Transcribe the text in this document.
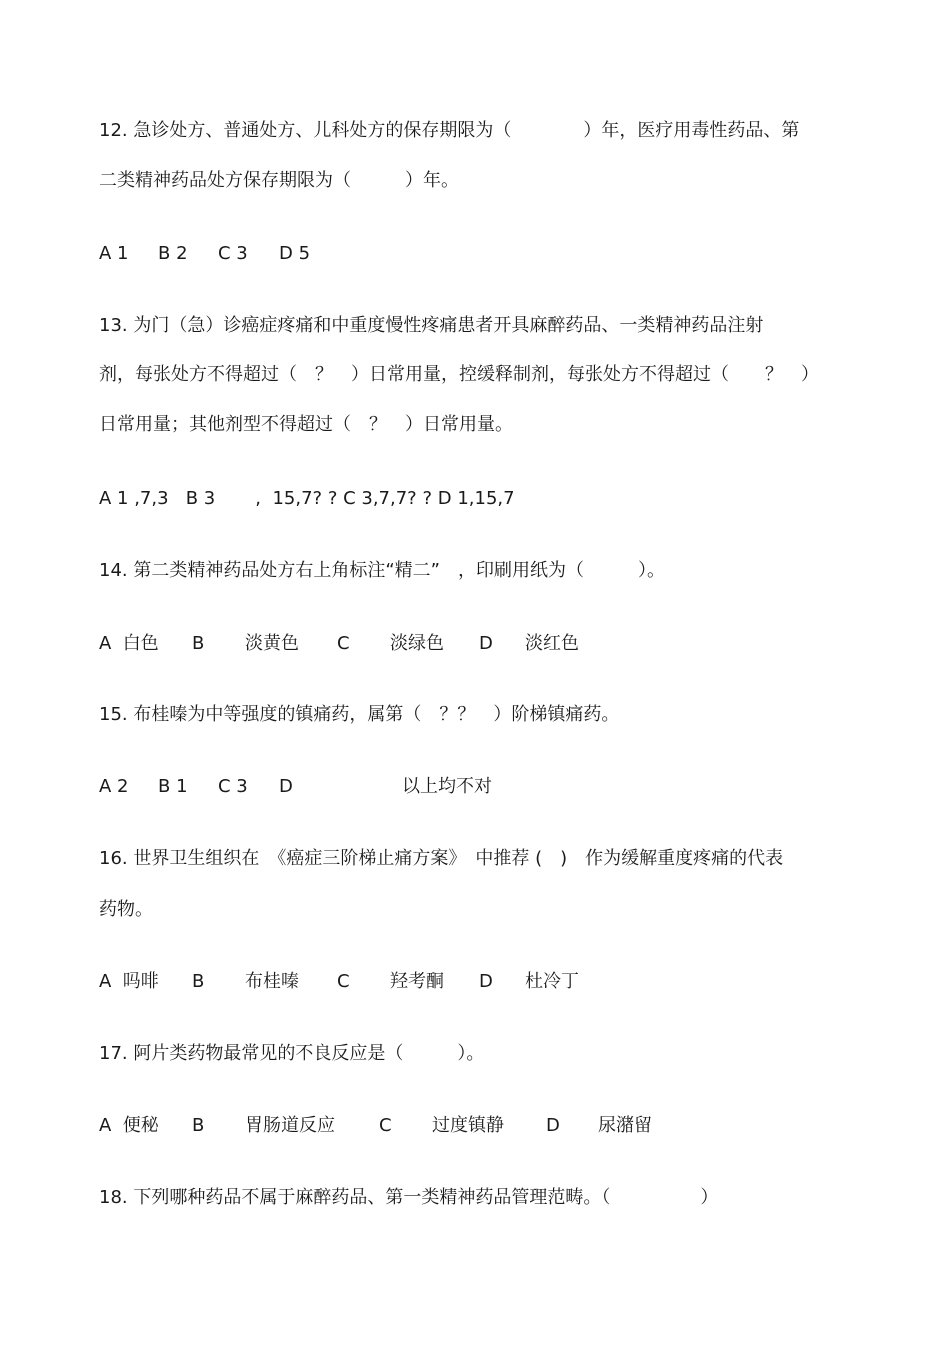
12. 急诊处方、普通处方、儿科处方的保存期限为（　　　　）年，医疗用毒性药品、第
二类精神药品处方保存期限为（　　　）年。
A 1 B 2 C 3 D 5
13. 为门（急）诊癌症疼痛和中重度慢性疼痛患者开具麻醉药品、一类精神药品注射
剂，每张处方不得超过（　？　）日常用量，控缓释制剂，每张处方不得超过（　　？　）
日常用量；其他剂型不得超过（　？　）日常用量。
A 1 ,7,3   B 3       ,  15,7? ? C 3,7,7? ? D 1,15,7
14. 第二类精神药品处方右上角标注“精二”　，印刷用纸为（　　　）。
A  白色 B 淡黄色 C 淡绿色 D 淡红色
15. 布桂嗪为中等强度的镇痛药，属第（　？？　）阶梯镇痛药。
A 2 B 1 C 3 D	以上均不对
16. 世界卫生组织在　《癌症三阶梯止痛方案》　中推荐 (　)　作为缓解重度疼痛的代表
药物。
A  吗啡 B 布桂嗪 C 羟考酮 D 杜冷丁
17. 阿片类药物最常见的不良反应是（　　　）。
A  便秘 B 胃肠道反应 C 过度镇静 D 尿潴留
18. 下列哪种药品不属于麻醉药品、第一类精神药品管理范畴。（　　　　　）
